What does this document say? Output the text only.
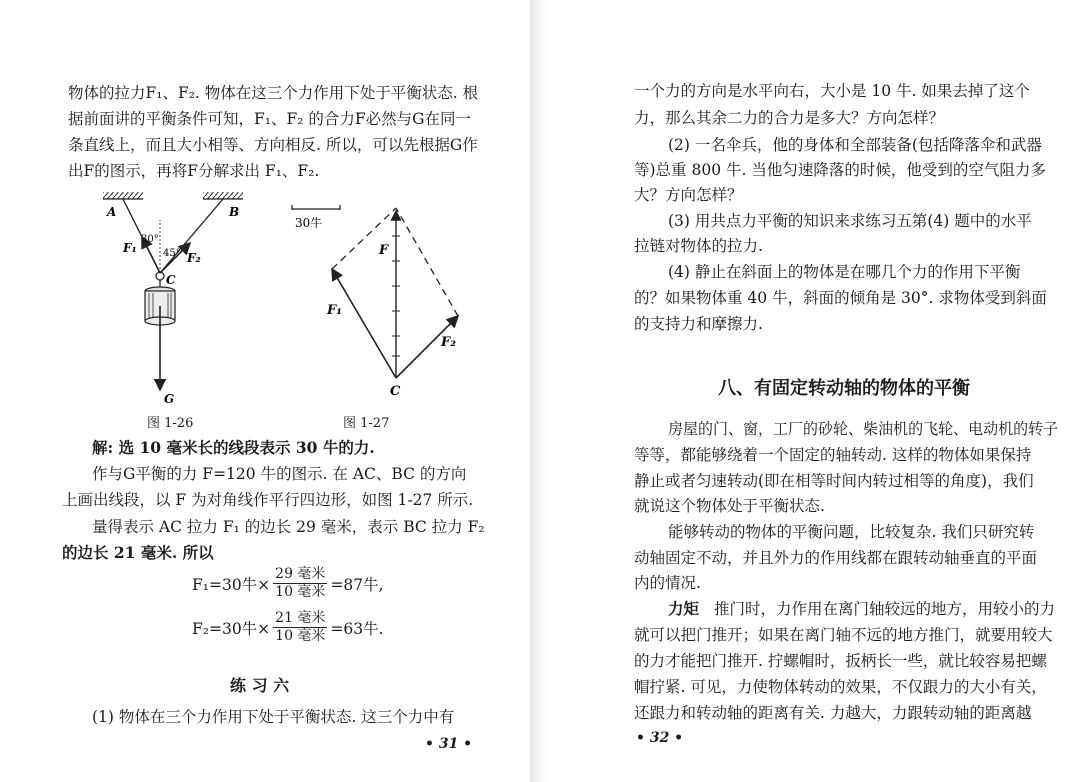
物体的拉力F₁、F₂. 物体在这三个力作用下处于平衡状态. 根
据前面讲的平衡条件可知，F₁、F₂ 的合力F必然与G在同一
条直线上，而且大小相等、方向相反. 所以，可以先根据G作
出F的图示，再将F分解求出 F₁、F₂.
A	B
C
F₁
F₂
G
30°
45°
图 1-26
30牛
F
F₁
F₂
C
图 1-27
解: 选 10 毫米长的线段表示 30 牛的力.
作与G平衡的力 F=120 牛的图示. 在 AC、BC 的方向
上画出线段，以 F 为对角线作平行四边形，如图 1-27 所示.
量得表示 AC 拉力 F₁ 的边长 29 毫米，表示 BC 拉力 F₂
的边长 21 毫米. 所以
F₁=30牛× $\frac{\text{29 毫米}}{\text{10 毫米}} =87$牛,
F₂=30牛× $\frac{\text{21 毫米}}{\text{10 毫米}} =63$牛.
练 习 六
(1) 物体在三个力作用下处于平衡状态. 这三个力中有
• 31 •
一个力的方向是水平向右，大小是 10 牛. 如果去掉了这个
力，那么其余二力的合力是多大？方向怎样？
(2) 一名伞兵，他的身体和全部装备(包括降落伞和武器
等)总重 800 牛. 当他匀速降落的时候，他受到的空气阻力多
大？方向怎样？
(3) 用共点力平衡的知识来求练习五第(4) 题中的水平
拉链对物体的拉力.
(4) 静止在斜面上的物体是在哪几个力的作用下平衡
的？如果物体重 40 牛，斜面的倾角是 30°. 求物体受到斜面
的支持力和摩擦力.
八、有固定转动轴的物体的平衡
房屋的门、窗，工厂的砂轮、柴油机的飞轮、电动机的转子
等等，都能够绕着一个固定的轴转动. 这样的物体如果保持
静止或者匀速转动(即在相等时间内转过相等的角度)，我们
就说这个物体处于平衡状态.
能够转动的物体的平衡问题，比较复杂. 我们只研究转
动轴固定不动，并且外力的作用线都在跟转动轴垂直的平面
内的情况.
力矩 推门时，力作用在离门轴较远的地方，用较小的力
就可以把门推开；如果在离门轴不远的地方推门，就要用较大
的力才能把门推开. 拧螺帽时，扳柄长一些，就比较容易把螺
帽拧紧. 可见，力使物体转动的效果，不仅跟力的大小有关，
还跟力和转动轴的距离有关. 力越大，力跟转动轴的距离越
• 32 •
